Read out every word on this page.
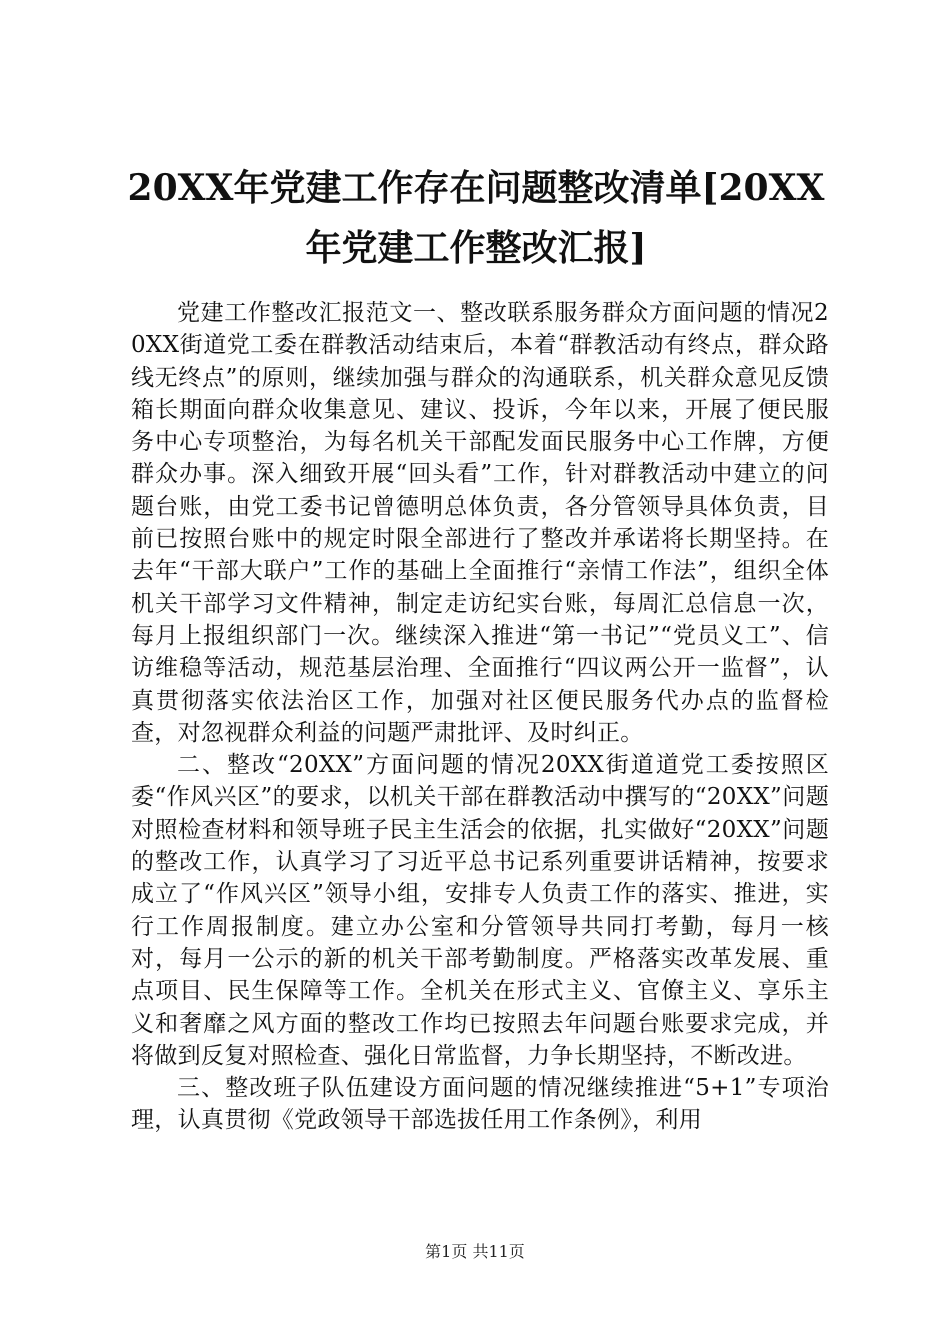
20XX年党建工作存在问题整改清单[20XX年党建工作整改汇报]

党建工作整改汇报范文一、整改联系服务群众方面问题的情况20XX街道党工委在群教活动结束后，本着“群教活动有终点，群众路线无终点”的原则，继续加强与群众的沟通联系，机关群众意见反馈箱长期面向群众收集意见、建议、投诉，今年以来，开展了便民服务中心专项整治，为每名机关干部配发面民服务中心工作牌，方便群众办事。深入细致开展“回头看”工作，针对群教活动中建立的问题台账，由党工委书记曾德明总体负责，各分管领导具体负责，目前已按照台账中的规定时限全部进行了整改并承诺将长期坚持。在去年“干部大联户”工作的基础上全面推行“亲情工作法”，组织全体机关干部学习文件精神，制定走访纪实台账，每周汇总信息一次，每月上报组织部门一次。继续深入推进“第一书记”“党员义工”、信访维稳等活动，规范基层治理、全面推行“四议两公开一监督”，认真贯彻落实依法治区工作，加强对社区便民服务代办点的监督检查，对忽视群众利益的问题严肃批评、及时纠正。

二、整改“20XX”方面问题的情况20XX街道道党工委按照区委“作风兴区”的要求，以机关干部在群教活动中撰写的“20XX”问题对照检查材料和领导班子民主生活会的依据，扎实做好“20XX”问题的整改工作，认真学习了习近平总书记系列重要讲话精神，按要求成立了“作风兴区”领导小组，安排专人负责工作的落实、推进，实行工作周报制度。建立办公室和分管领导共同打考勤，每月一核对，每月一公示的新的机关干部考勤制度。严格落实改革发展、重点项目、民生保障等工作。全机关在形式主义、官僚主义、享乐主义和奢靡之风方面的整改工作均已按照去年问题台账要求完成，并将做到反复对照检查、强化日常监督，力争长期坚持，不断改进。

三、整改班子队伍建设方面问题的情况继续推进“5+1”专项治理，认真贯彻《党政领导干部选拔任用工作条例》，利用

第1页 共11页
